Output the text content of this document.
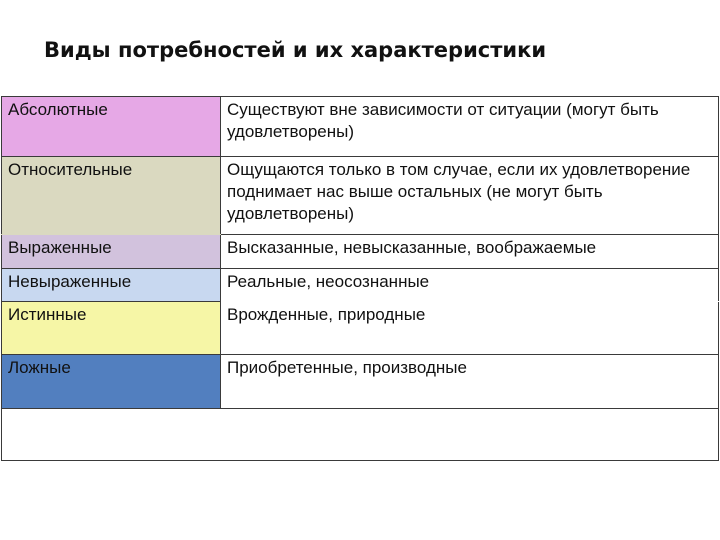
Виды потребностей и их характеристики
Абсолютные	Существуют вне зависимости от ситуации (могут быть удовлетворены)
Относительные	Ощущаются только в том случае, если их удовлетворение поднимает нас выше остальных (не могут быть удовлетворены)
Выраженные	Высказанные, невысказанные, воображаемые
Невыраженные	Реальные, неосознанные
Истинные	Врожденные, природные
Ложные	Приобретенные, производные
